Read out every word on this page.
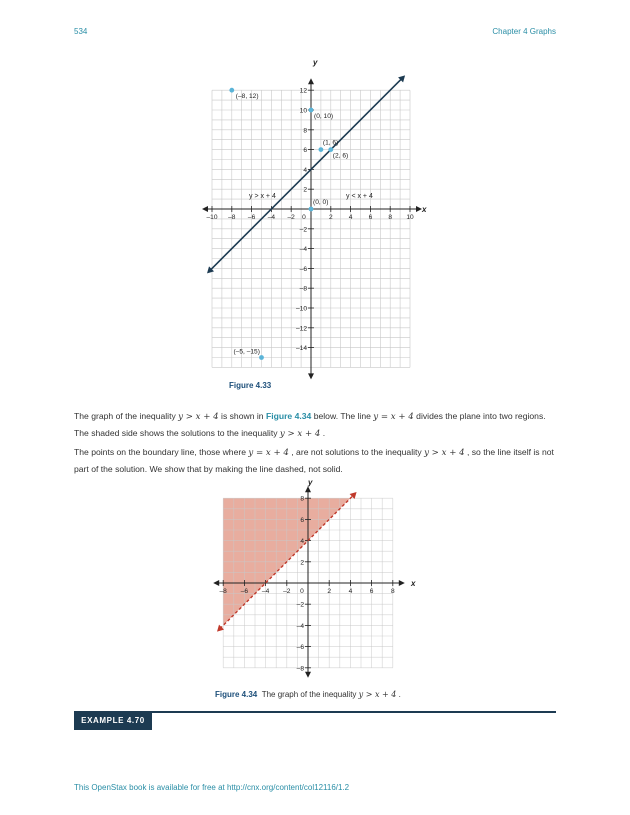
534	Chapter 4 Graphs
–10 –8 –6 –4 –2 0	2 4 6 8 10
–14
–12
–10
–8
–6
–4
–2
2
4
6
8
10
12
(–8, 12)
(0, 10)
(1, 6)
(2, 6)
(0, 0)
(–5, –15)
y
x
y > x + 4	y < x + 4
Figure 4.33
The graph of the inequality y > x + 4 is shown in Figure 4.34 below. The line y = x + 4 divides the plane into two regions. The shaded side shows the solutions to the inequality y > x + 4 .
The points on the boundary line, those where y = x + 4 , are not solutions to the inequality y > x + 4 , so the line itself is not part of the solution. We show that by making the line dashed, not solid.
–8 –6 –4 –2 0	2	4	6	8
–8
–6
–4
–2
2
4
6
8
y
x
Figure 4.34 The graph of the inequality y > x + 4 .
EXAMPLE 4.70
This OpenStax book is available for free at http://cnx.org/content/col12116/1.2
